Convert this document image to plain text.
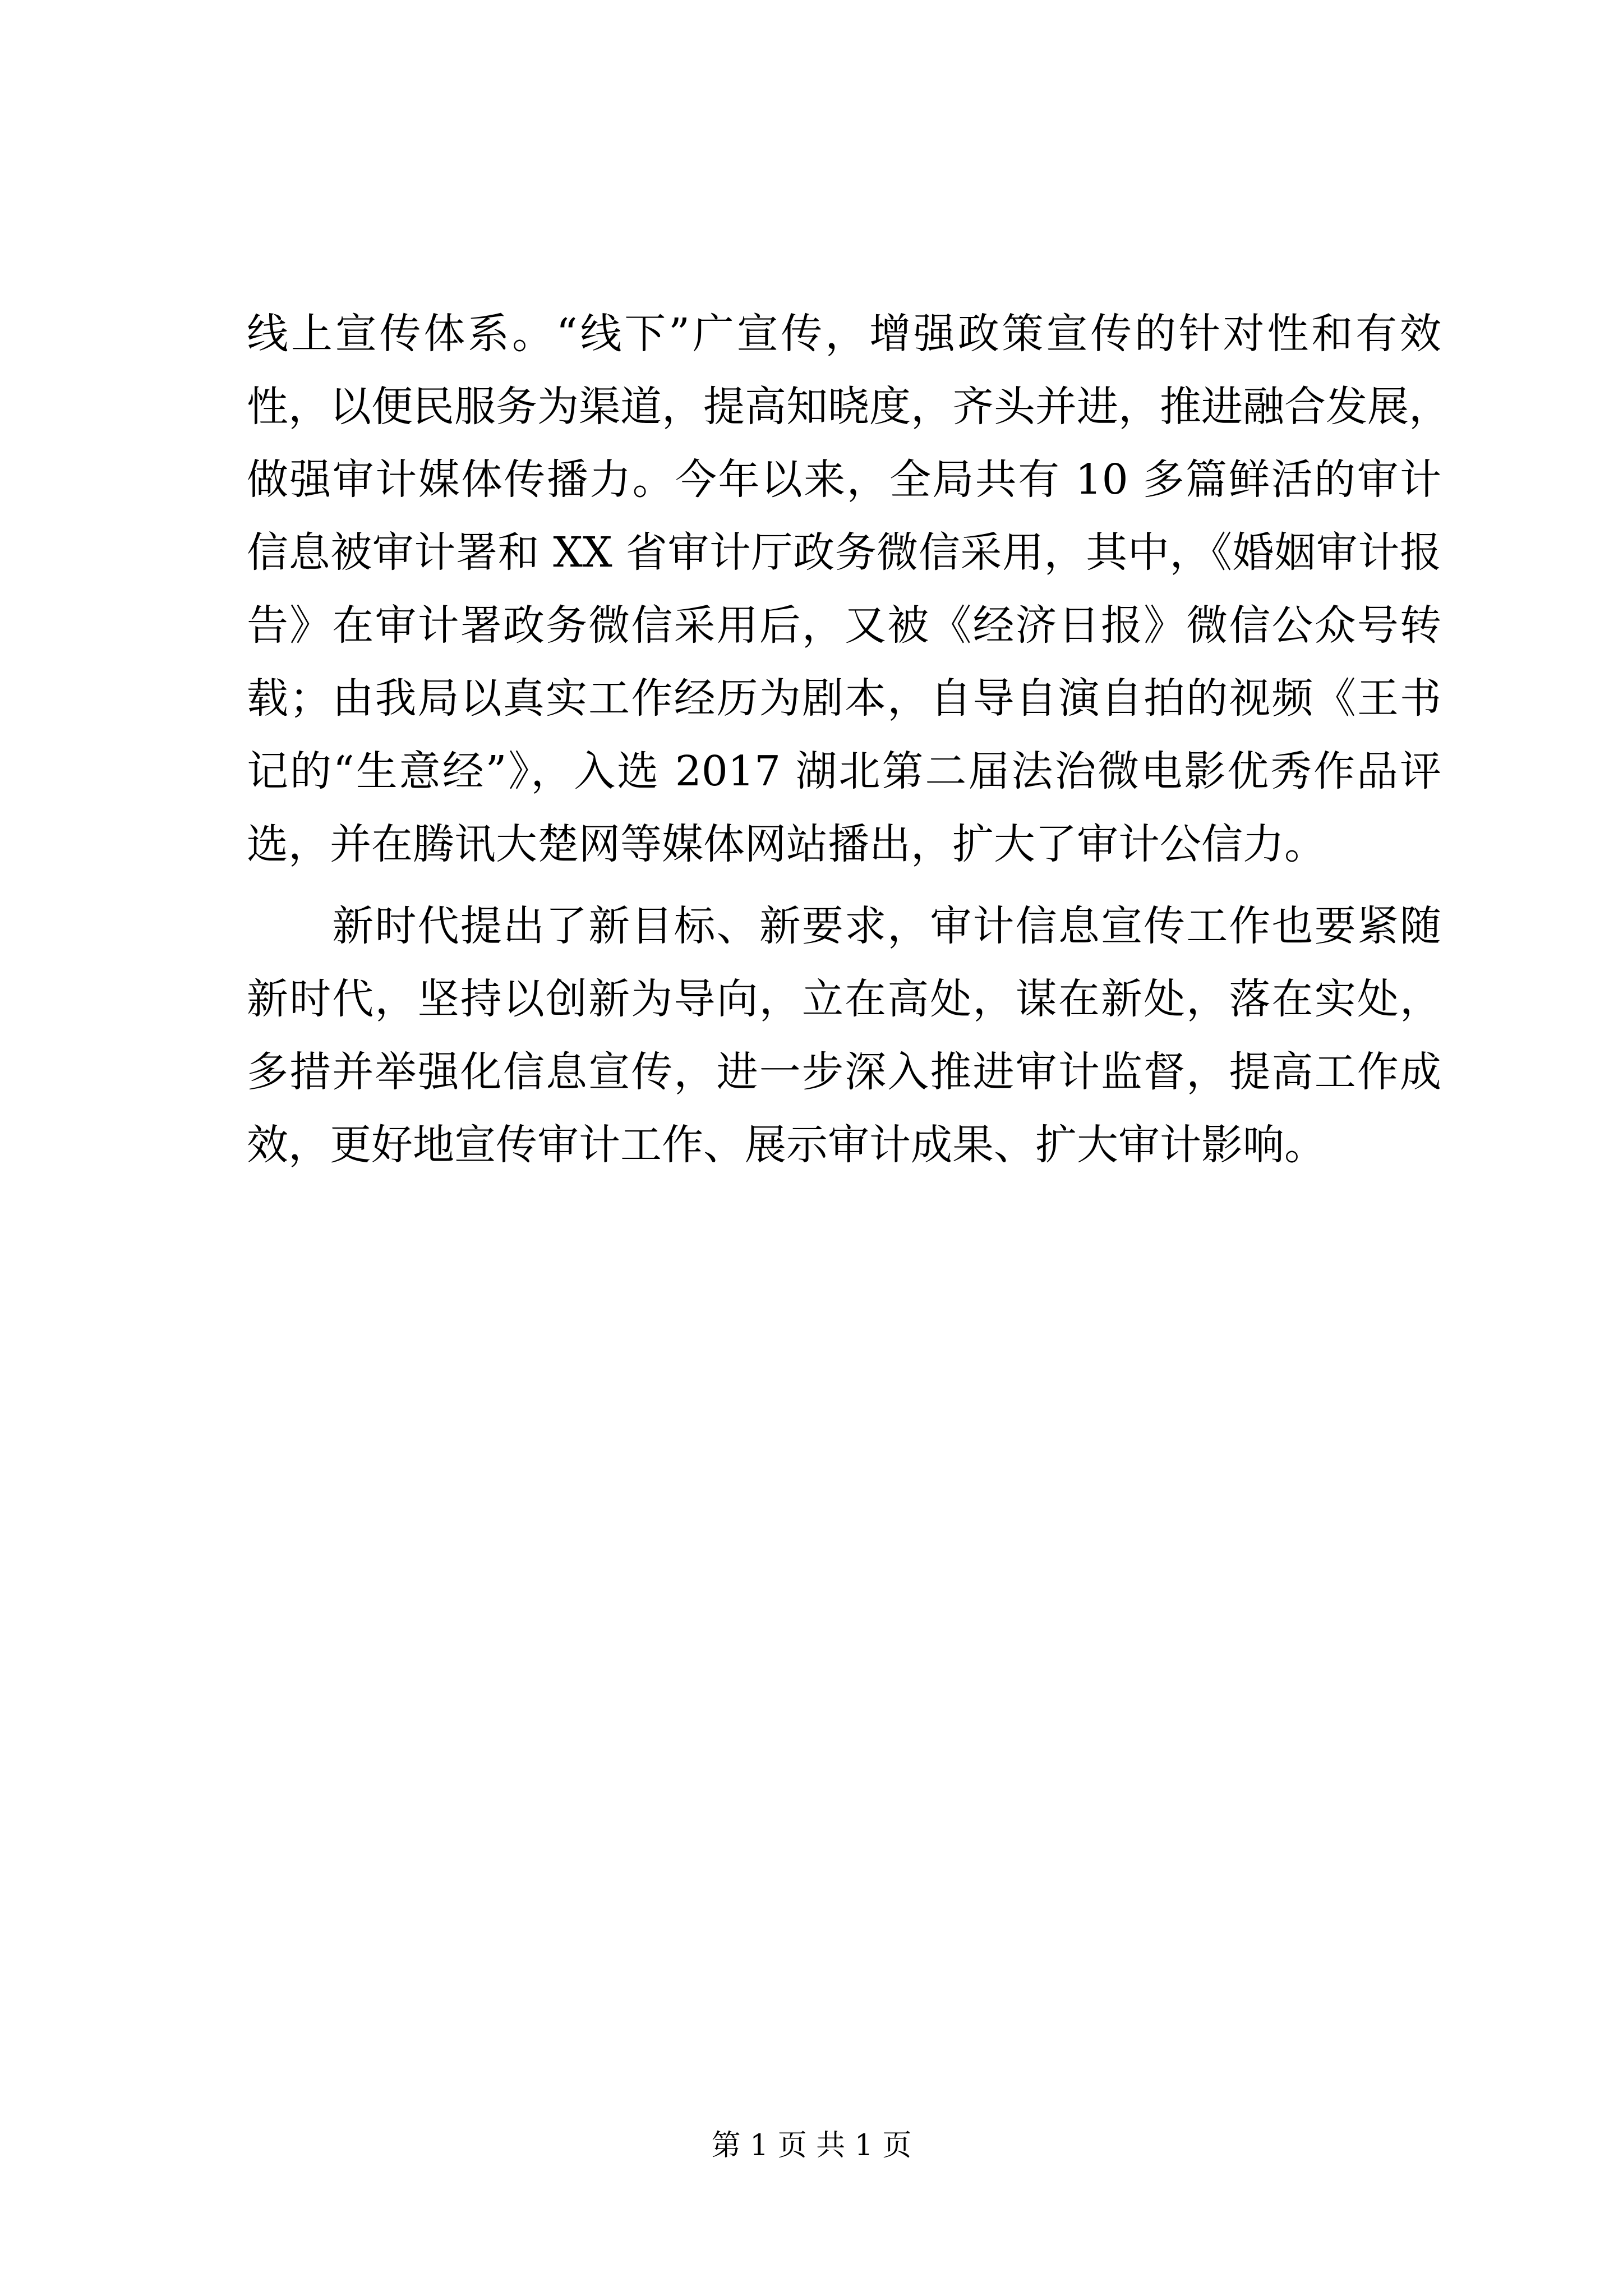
线上宣传体系。“线下”广宣传，增强政策宣传的针对性和有效
性，以便民服务为渠道，提高知晓度，齐头并进，推进融合发展，
做强审计媒体传播力。今年以来，全局共有 10 多篇鲜活的审计
信息被审计署和 XX 省审计厅政务微信采用，其中，《婚姻审计报
告》在审计署政务微信采用后，又被《经济日报》微信公众号转
载；由我局以真实工作经历为剧本，自导自演自拍的视频《王书
记的“生意经”》，入选 2017 湖北第二届法治微电影优秀作品评
选，并在腾讯大楚网等媒体网站播出，扩大了审计公信力。
　　新时代提出了新目标、新要求，审计信息宣传工作也要紧随
新时代，坚持以创新为导向，立在高处，谋在新处，落在实处，
多措并举强化信息宣传，进一步深入推进审计监督，提高工作成
效，更好地宣传审计工作、展示审计成果、扩大审计影响。
第 1 页 共 1 页
